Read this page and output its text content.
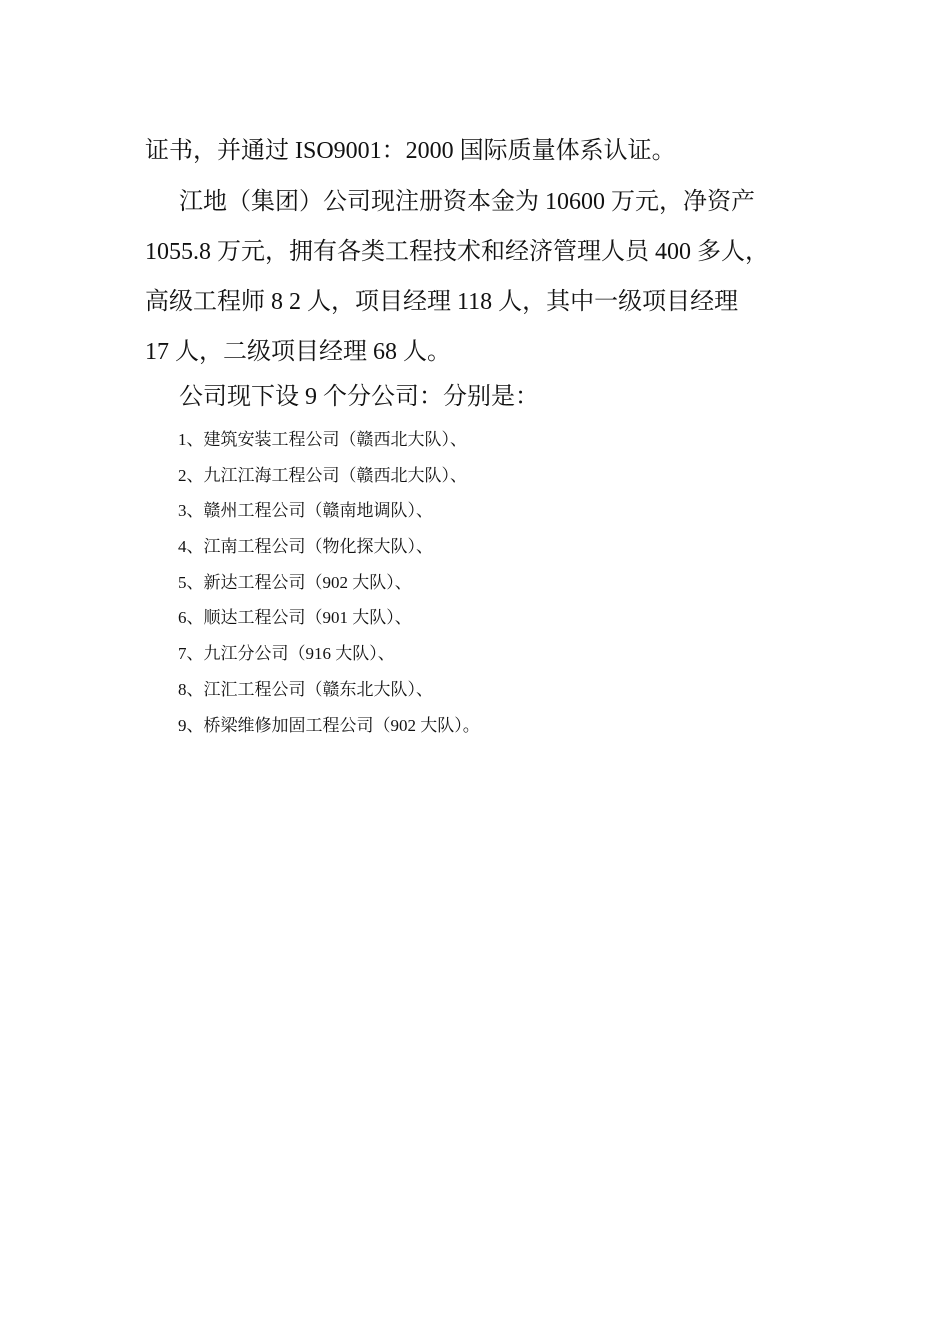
证书，并通过 ISO9001：2000 国际质量体系认证。
江地（集团）公司现注册资本金为 10600 万元，净资产
1055.8 万元，拥有各类工程技术和经济管理人员 400 多人，
高级工程师 8 2 人，项目经理 118 人，其中一级项目经理
17 人，二级项目经理 68 人。
公司现下设 9 个分公司：分别是：
1、建筑安装工程公司（赣西北大队）、
2、九江江海工程公司（赣西北大队）、
3、赣州工程公司（赣南地调队）、
4、江南工程公司（物化探大队）、
5、新达工程公司（902 大队）、
6、顺达工程公司（901 大队）、
7、九江分公司（916 大队）、
8、江汇工程公司（赣东北大队）、
9、桥梁维修加固工程公司（902 大队）。
